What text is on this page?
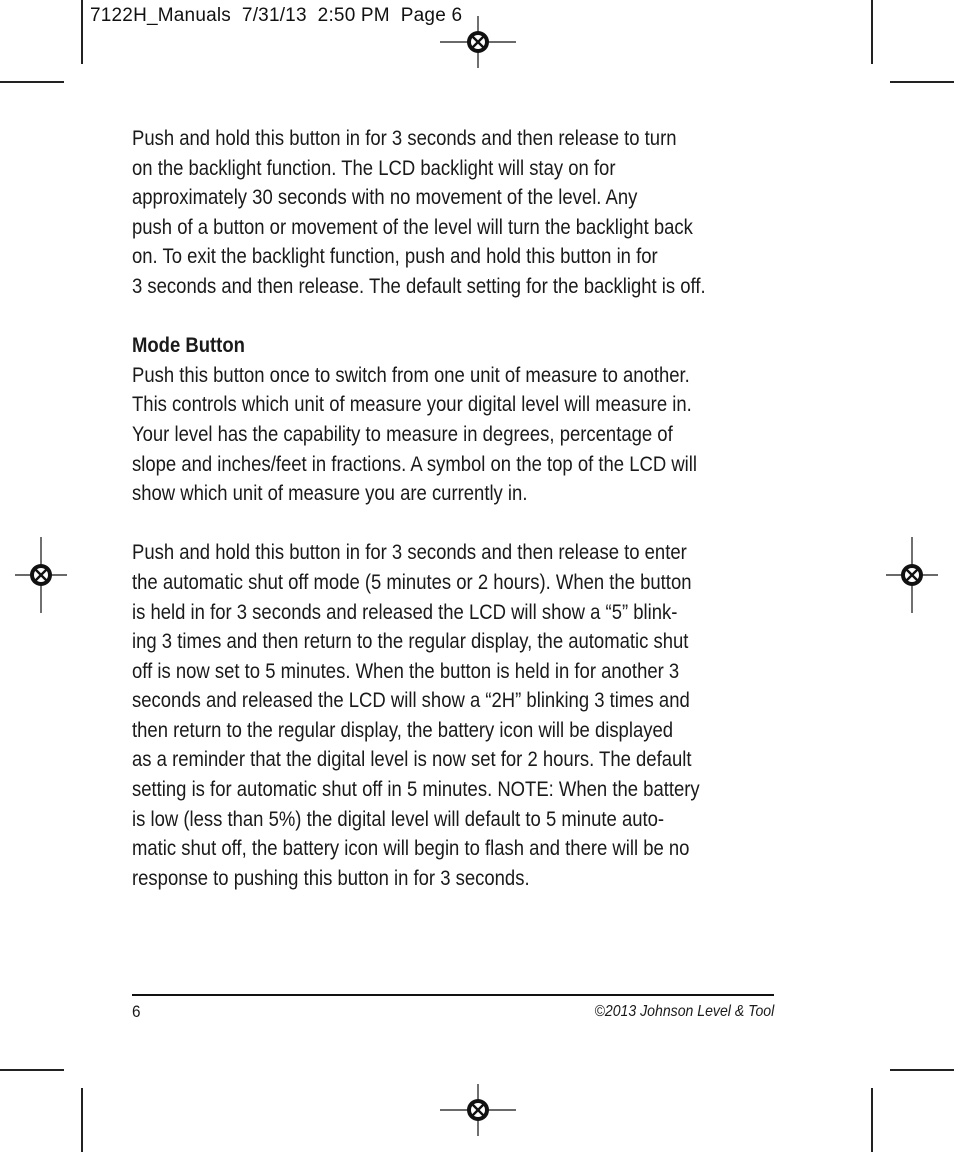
7122H_Manuals  7/31/13  2:50 PM  Page 6

Push and hold this button in for 3 seconds and then release to turn
on the backlight function. The LCD backlight will stay on for
approximately 30 seconds with no movement of the level. Any
push of a button or movement of the level will turn the backlight back
on. To exit the backlight function, push and hold this button in for
3 seconds and then release. The default setting for the backlight is off.

Mode Button

Push this button once to switch from one unit of measure to another.
This controls which unit of measure your digital level will measure in.
Your level has the capability to measure in degrees, percentage of
slope and inches/feet in fractions. A symbol on the top of the LCD will
show which unit of measure you are currently in.

Push and hold this button in for 3 seconds and then release to enter
the automatic shut off mode (5 minutes or 2 hours). When the button
is held in for 3 seconds and released the LCD will show a “5” blink-
ing 3 times and then return to the regular display, the automatic shut
off is now set to 5 minutes. When the button is held in for another 3
seconds and released the LCD will show a “2H” blinking 3 times and
then return to the regular display, the battery icon will be displayed
as a reminder that the digital level is now set for 2 hours. The default
setting is for automatic shut off in 5 minutes. NOTE: When the battery
is low (less than 5%) the digital level will default to 5 minute auto-
matic shut off, the battery icon will begin to flash and there will be no
response to pushing this button in for 3 seconds.

6	©2013 Johnson Level & Tool
